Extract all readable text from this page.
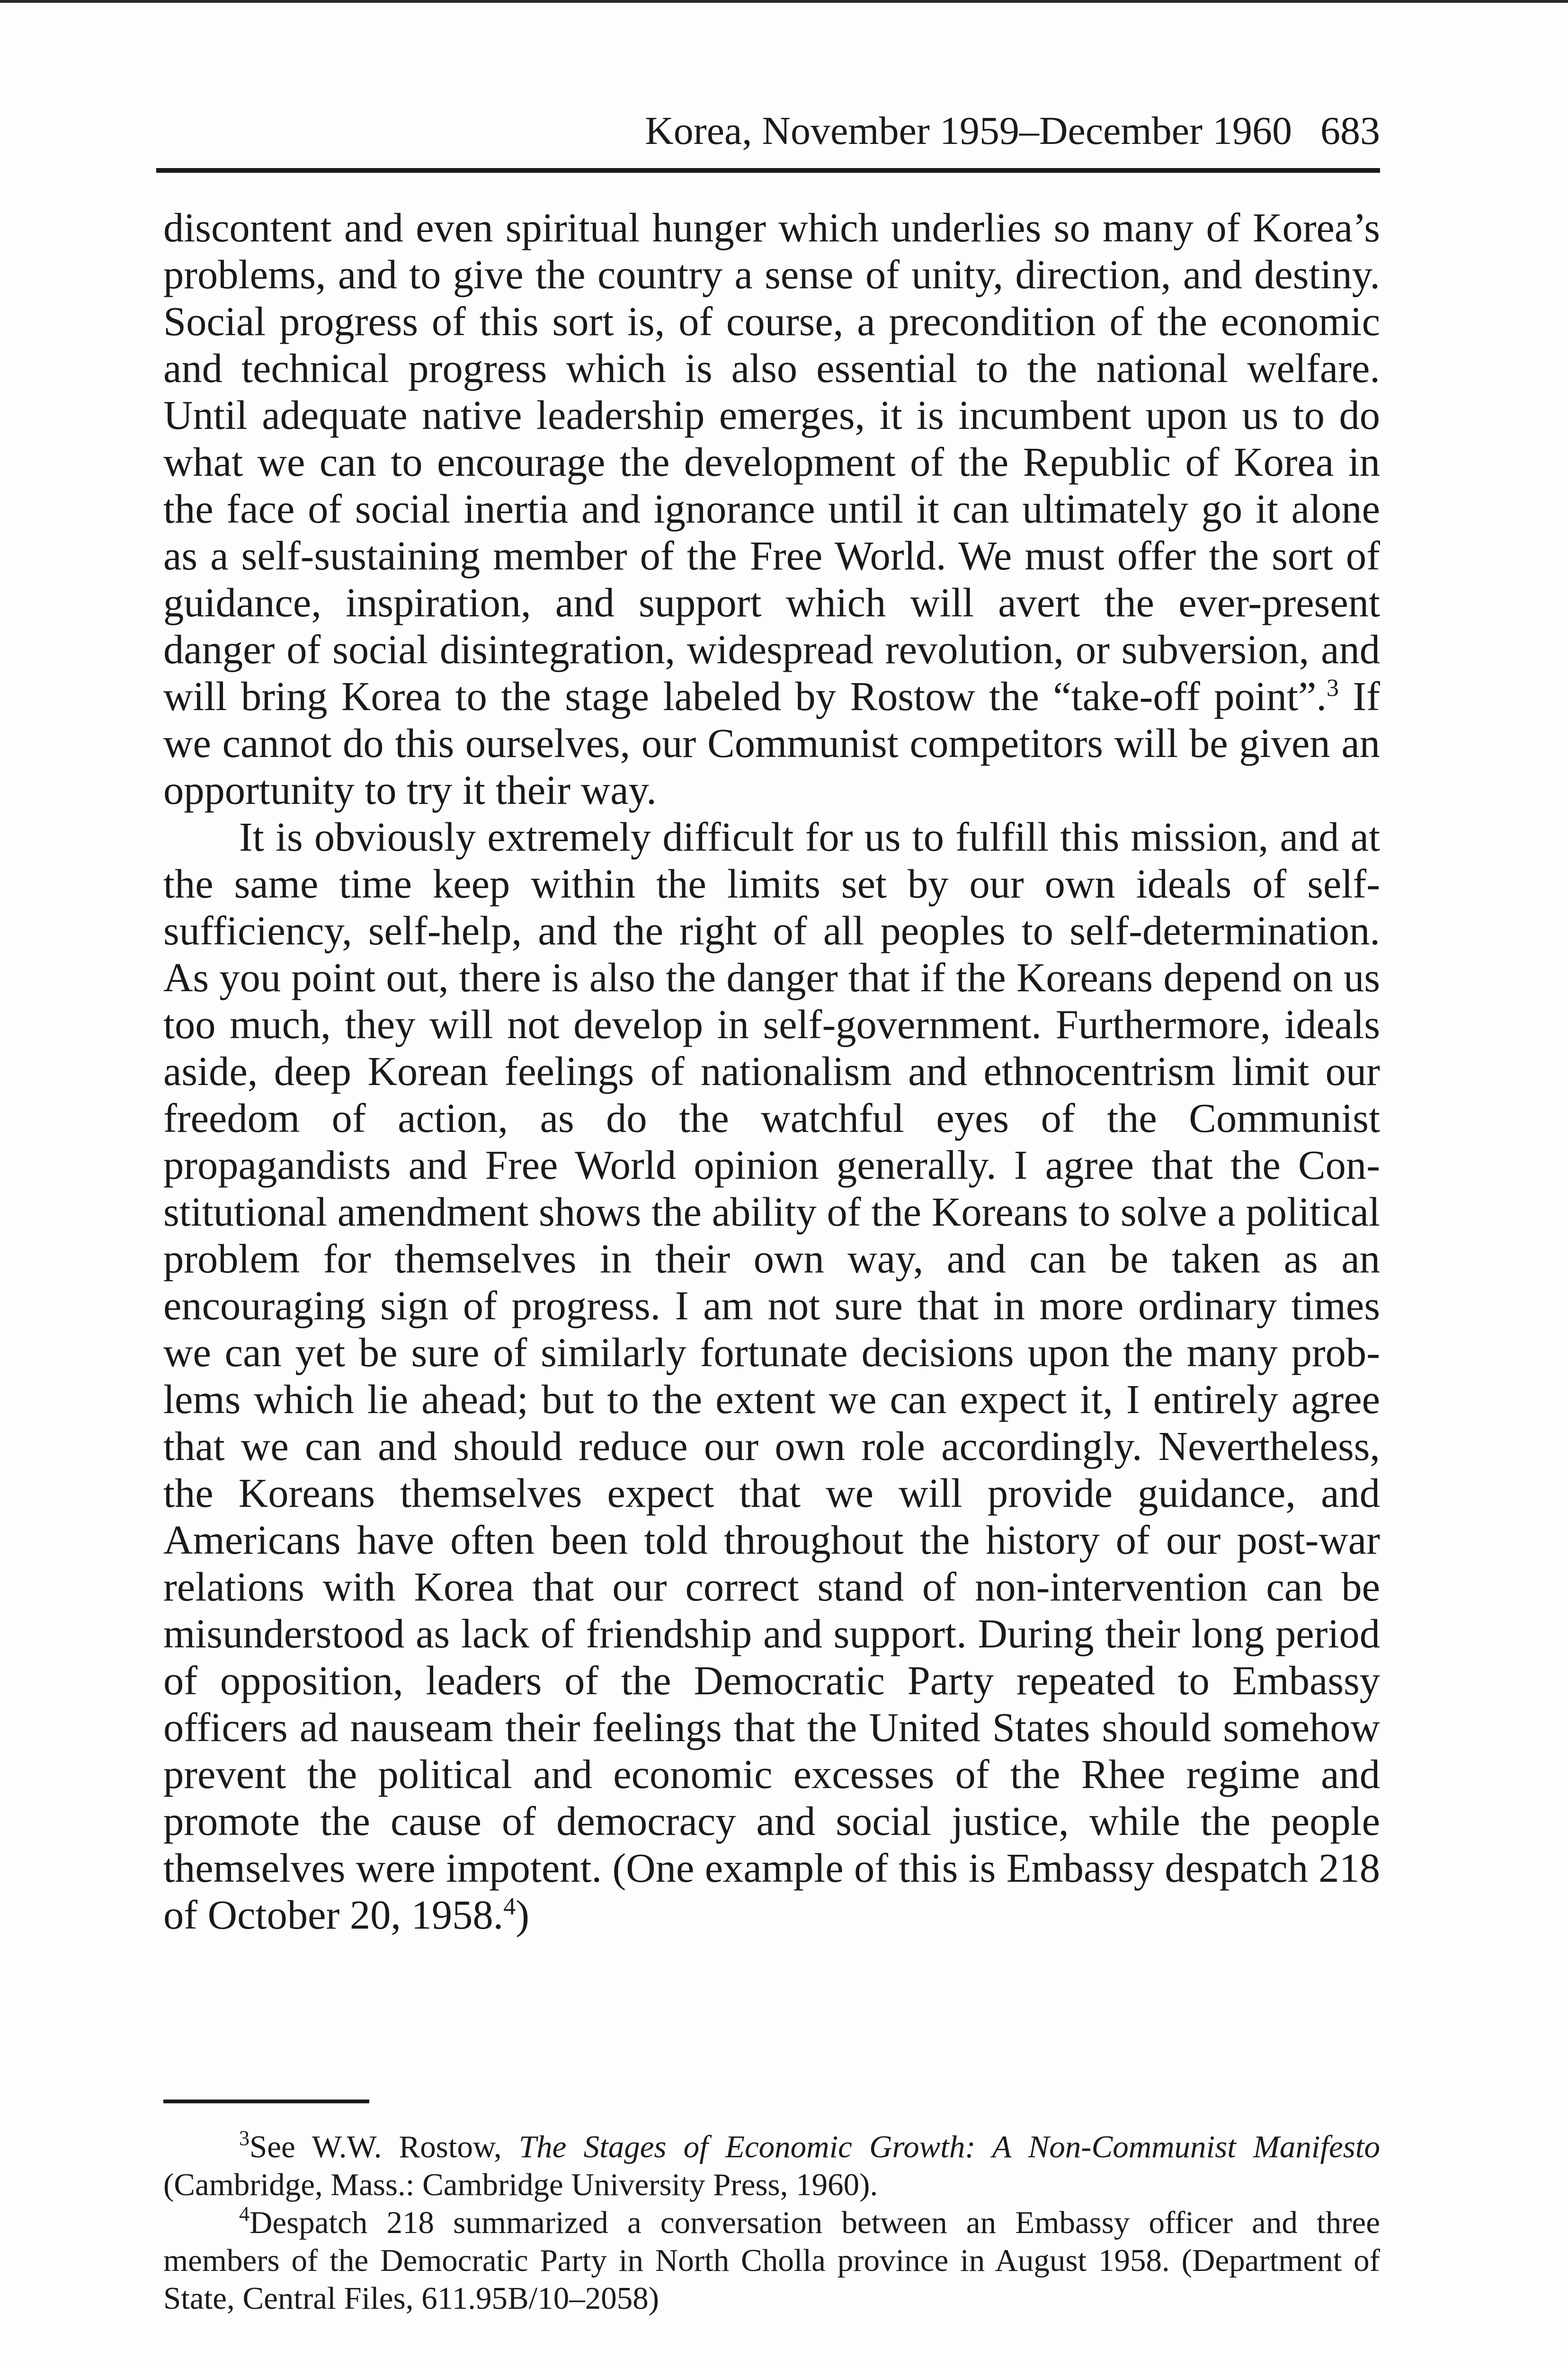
Korea, November 1959–December 1960 683

discontent and even spiritual hunger which underlies so many of Korea’s problems, and to give the country a sense of unity, direction, and destiny. Social progress of this sort is, of course, a precondition of the economic and technical progress which is also essential to the national welfare. Until adequate native leadership emerges, it is incumbent upon us to do what we can to encourage the development of the Republic of Korea in the face of social inertia and ignorance until it can ultimately go it alone as a self-sustaining member of the Free World. We must offer the sort of guidance, inspiration, and support which will avert the ever-present danger of social disintegration, widespread revolution, or subversion, and will bring Korea to the stage labeled by Rostow the “take-off point”.$^3$ If we cannot do this ourselves, our Communist competitors will be given an opportunity to try it their way.

It is obviously extremely difficult for us to fulfill this mission, and at the same time keep within the limits set by our own ideals of self-sufficiency, self-help, and the right of all peoples to self-determination. As you point out, there is also the danger that if the Koreans depend on us too much, they will not develop in self-government. Furthermore, ideals aside, deep Korean feelings of nationalism and ethnocentrism limit our freedom of action, as do the watchful eyes of the Communist propagandists and Free World opinion generally. I agree that the Constitutional amendment shows the ability of the Koreans to solve a political problem for themselves in their own way, and can be taken as an encouraging sign of progress. I am not sure that in more ordinary times we can yet be sure of similarly fortunate decisions upon the many problems which lie ahead; but to the extent we can expect it, I entirely agree that we can and should reduce our own role accordingly. Nevertheless, the Koreans themselves expect that we will provide guidance, and Americans have often been told throughout the history of our post-war relations with Korea that our correct stand of non-intervention can be misunderstood as lack of friendship and support. During their long period of opposition, leaders of the Democratic Party repeated to Embassy officers ad nauseam their feelings that the United States should somehow prevent the political and economic excesses of the Rhee regime and promote the cause of democracy and social justice, while the people themselves were impotent. (One example of this is Embassy despatch 218 of October 20, 1958.$^4$)

$^3$See W.W. Rostow, The Stages of Economic Growth: A Non-Communist Manifesto (Cambridge, Mass.: Cambridge University Press, 1960).

$^4$Despatch 218 summarized a conversation between an Embassy officer and three members of the Democratic Party in North Cholla province in August 1958. (Department of State, Central Files, 611.95B/10–2058)
